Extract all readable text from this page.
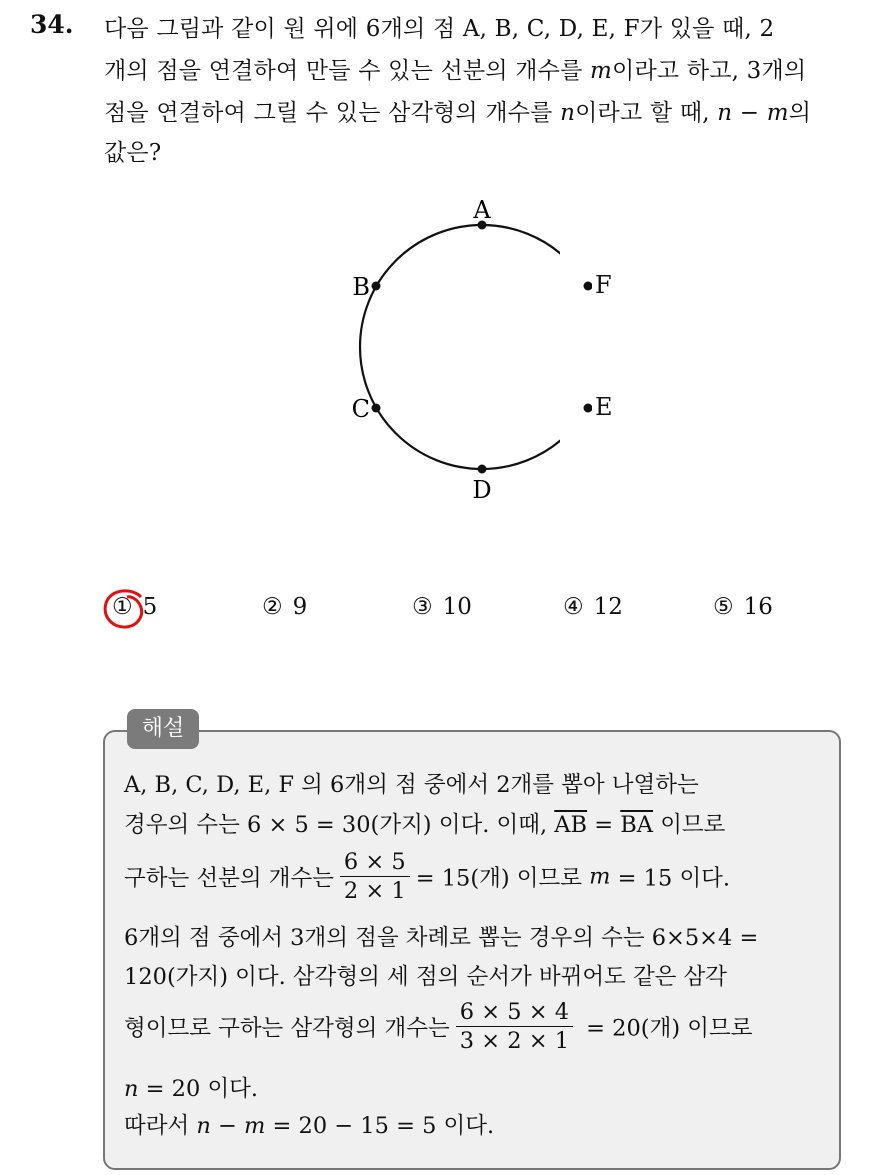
34. 다음 그림과 같이 원 위에 6개의 점 A, B, C, D, E, F가 있을 때, 2
개의 점을 연결하여 만들 수 있는 선분의 개수를 m이라고 하고, 3개의
점을 연결하여 그릴 수 있는 삼각형의 개수를 n이라고 할 때, n − m의
값은?
A
B
C
D
E
F
① 5	② 9	③ 10	④ 12	⑤ 16
해설
A, B, C, D, E, F 의 6개의 점 중에서 2개를 뽑아 나열하는
경우의 수는 6 × 5 = 30(가지) 이다. 이때, $\overline{AB} = \overline{BA}$ 이므로
구하는 선분의 개수는 $\frac{6 \times 5}{2 \times 1} = 15$(개) 이므로 m = 15 이다.
6개의 점 중에서 3개의 점을 차례로 뽑는 경우의 수는 6×5×4 =
120(가지) 이다. 삼각형의 세 점의 순서가 바뀌어도 같은 삼각
형이므로 구하는 삼각형의 개수는 $\frac{6 \times 5 \times 4}{3 \times 2 \times 1} = 20$(개) 이므로
n = 20 이다.
따라서 n − m = 20 − 15 = 5 이다.
